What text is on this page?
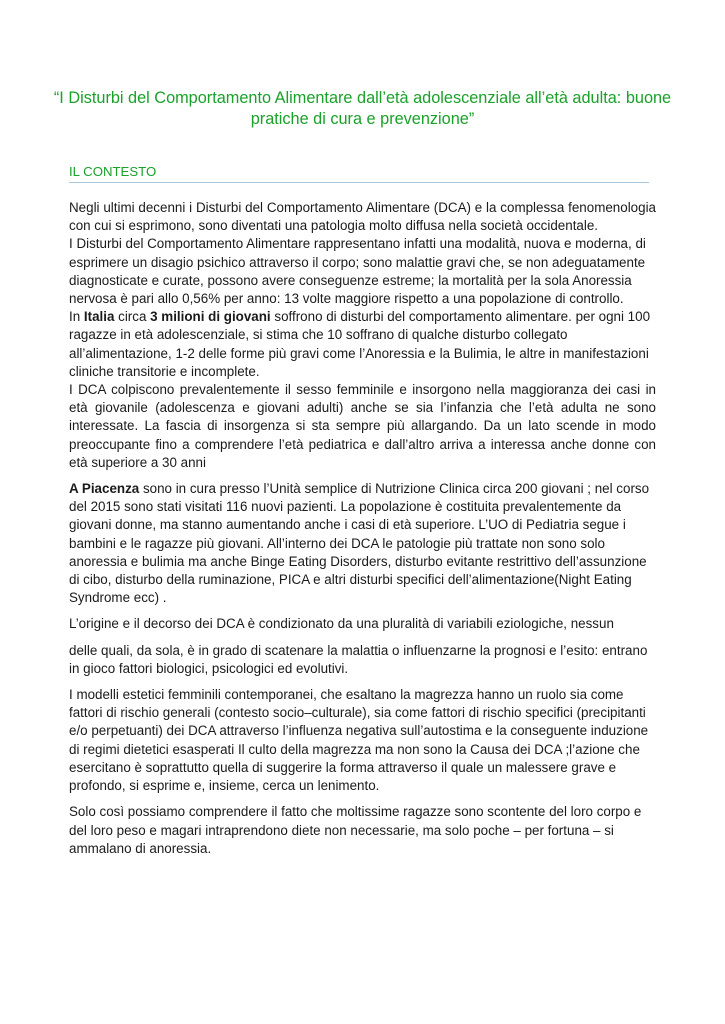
“I Disturbi del Comportamento Alimentare dall’età adolescenziale all’età adulta: buone pratiche di cura e prevenzione”
IL CONTESTO

Negli ultimi decenni i Disturbi del Comportamento Alimentare (DCA) e la complessa fenomenologia con cui si esprimono, sono diventati una patologia molto diffusa nella società occidentale.

I Disturbi del Comportamento Alimentare rappresentano infatti una modalità, nuova e moderna, di esprimere un disagio psichico attraverso il corpo; sono malattie gravi che, se non adeguatamente diagnosticate e curate, possono avere conseguenze estreme; la mortalità per la sola Anoressia nervosa è pari allo 0,56% per anno: 13 volte maggiore rispetto a una popolazione di controllo.

In Italia circa 3 milioni di giovani soffrono di disturbi del comportamento alimentare. per ogni 100 ragazze in età adolescenziale, si stima che 10 soffrano di qualche disturbo collegato all’alimentazione, 1-2 delle forme più gravi come l’Anoressia e la Bulimia, le altre in manifestazioni cliniche transitorie e incomplete.

I DCA colpiscono prevalentemente il sesso femminile e insorgono nella maggioranza dei casi in età giovanile (adolescenza e giovani adulti) anche se sia l’infanzia che l’età adulta ne sono interessate. La fascia di insorgenza si sta sempre più allargando. Da un lato scende in modo preoccupante fino a comprendere l’età pediatrica e dall’altro arriva a interessa anche donne con età superiore a 30 anni

A Piacenza sono in cura presso l’Unità semplice di Nutrizione Clinica circa 200 giovani ; nel corso del 2015 sono stati visitati 116 nuovi pazienti. La popolazione è costituita prevalentemente da giovani donne, ma stanno aumentando anche i casi di età superiore. L’UO di Pediatria segue i bambini e le ragazze più giovani. All’interno dei DCA le patologie più trattate non sono solo anoressia e bulimia ma anche Binge Eating Disorders, disturbo evitante restrittivo dell’assunzione di cibo, disturbo della ruminazione, PICA e altri disturbi specifici dell’alimentazione(Night Eating Syndrome ecc) .

L’origine e il decorso dei DCA è condizionato da una pluralità di variabili eziologiche, nessun

delle quali, da sola, è in grado di scatenare la malattia o influenzarne la prognosi e l’esito: entrano in gioco fattori biologici, psicologici ed evolutivi.

I modelli estetici femminili contemporanei, che esaltano la magrezza hanno un ruolo sia come fattori di rischio generali (contesto socio–culturale), sia come fattori di rischio specifici (precipitanti e/o perpetuanti) dei DCA attraverso l’influenza negativa sull’autostima e la conseguente induzione di regimi dietetici esasperati Il culto della magrezza ma non sono la Causa dei DCA ;l’azione che esercitano è soprattutto quella di suggerire la forma attraverso il quale un malessere grave e profondo, si esprime e, insieme, cerca un lenimento.

Solo così possiamo comprendere il fatto che moltissime ragazze sono scontente del loro corpo e del loro peso e magari intraprendono diete non necessarie, ma solo poche – per fortuna – si ammalano di anoressia.
